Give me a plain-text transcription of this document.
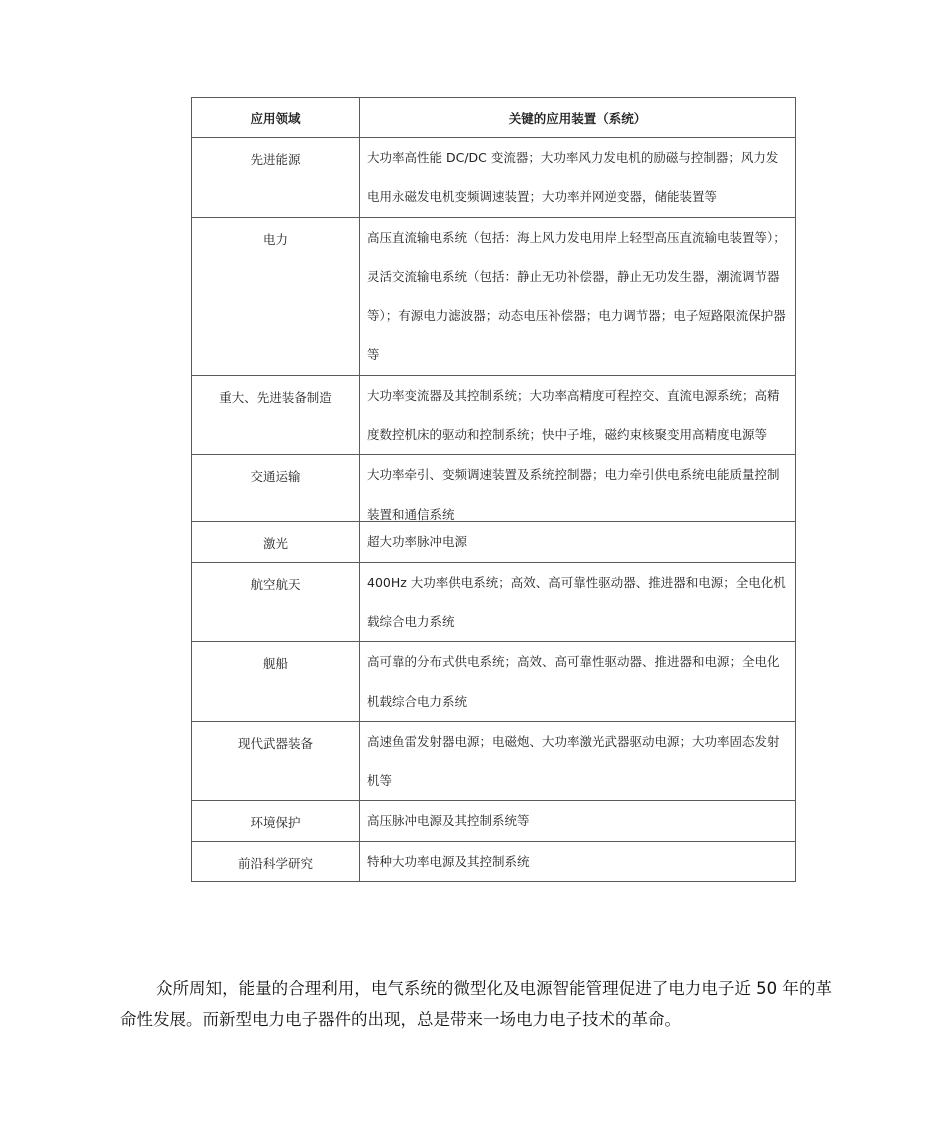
应用领域	关键的应用装置（系统）
先进能源	大功率高性能 DC/DC 变流器；大功率风力发电机的励磁与控制器；风力发电用永磁发电机变频调速装置；大功率并网逆变器，储能装置等
电力	高压直流输电系统（包括：海上风力发电用岸上轻型高压直流输电装置等）；灵活交流输电系统（包括：静止无功补偿器，静止无功发生器，潮流调节器等）；有源电力滤波器；动态电压补偿器；电力调节器；电子短路限流保护器等
重大、先进装备制造	大功率变流器及其控制系统；大功率高精度可程控交、直流电源系统；高精度数控机床的驱动和控制系统；快中子堆，磁约束核聚变用高精度电源等
交通运输	大功率牵引、变频调速装置及系统控制器；电力牵引供电系统电能质量控制装置和通信系统

激光	超大功率脉冲电源
航空航天	400Hz 大功率供电系统；高效、高可靠性驱动器、推进器和电源；全电化机载综合电力系统
舰船	高可靠的分布式供电系统；高效、高可靠性驱动器、推进器和电源；全电化机载综合电力系统
现代武器装备	高速鱼雷发射器电源；电磁炮、大功率激光武器驱动电源；大功率固态发射机等
环境保护	高压脉冲电源及其控制系统等
前沿科学研究	特种大功率电源及其控制系统

众所周知，能量的合理利用，电气系统的微型化及电源智能管理促进了电力电子近 50 年的革命性发展。而新型电力电子器件的出现，总是带来一场电力电子技术的革命。
